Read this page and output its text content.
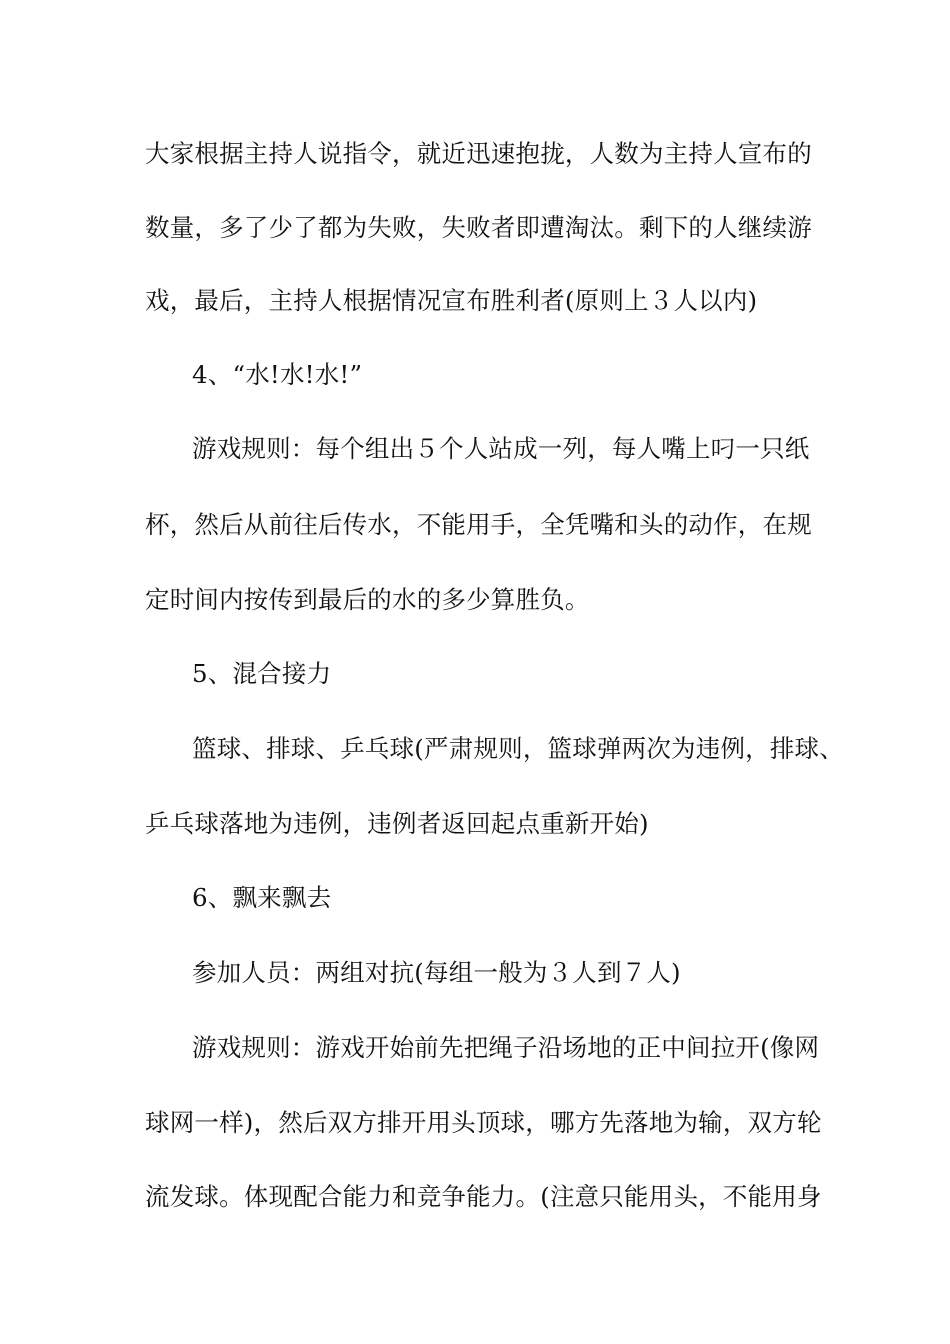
大家根据主持人说指令，就近迅速抱拢，人数为主持人宣布的
数量，多了少了都为失败，失败者即遭淘汰。剩下的人继续游
戏，最后，主持人根据情况宣布胜利者(原则上３人以内)
4、“水!水!水!”
游戏规则：每个组出５个人站成一列，每人嘴上叼一只纸
杯，然后从前往后传水，不能用手，全凭嘴和头的动作，在规
定时间内按传到最后的水的多少算胜负。
5、混合接力
篮球、排球、乒乓球(严肃规则，篮球弹两次为违例，排球、
乒乓球落地为违例，违例者返回起点重新开始)
6、飘来飘去
参加人员：两组对抗(每组一般为３人到７人)
游戏规则：游戏开始前先把绳子沿场地的正中间拉开(像网
球网一样)，然后双方排开用头顶球，哪方先落地为输，双方轮
流发球。体现配合能力和竞争能力。(注意只能用头，不能用身
